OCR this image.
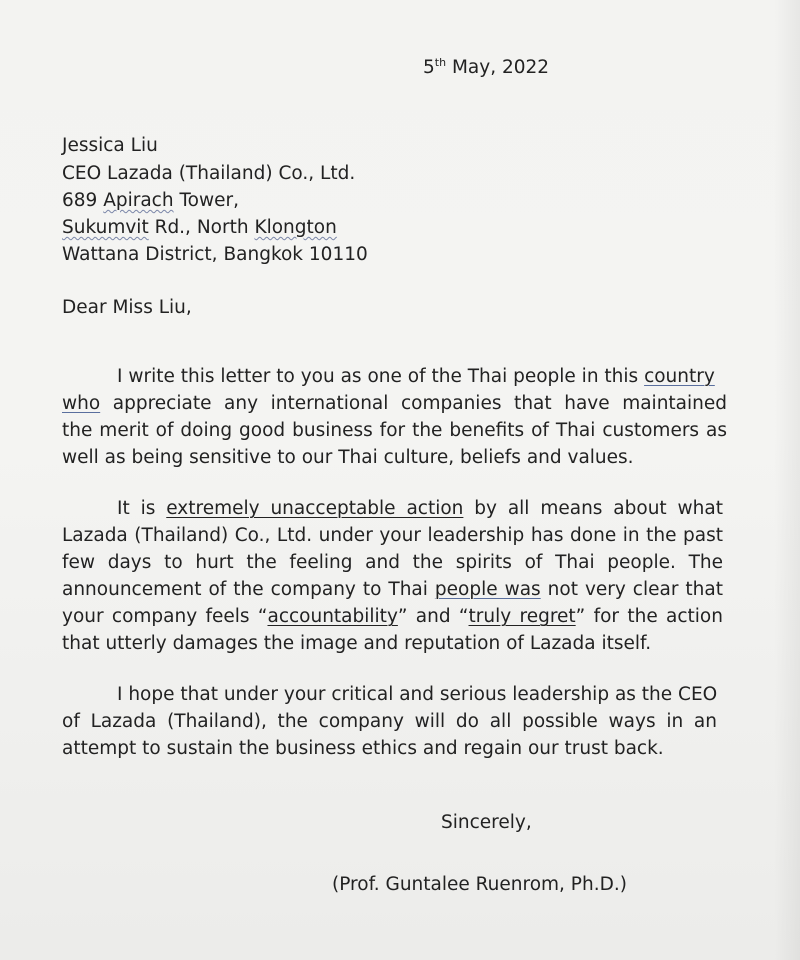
5th May, 2022
Jessica Liu
CEO Lazada (Thailand) Co., Ltd.
689 Apirach Tower,
Sukumvit Rd., North Klongton
Wattana District, Bangkok 10110
Dear Miss Liu,
I write this letter to you as one of the Thai people in this country
who appreciate any international companies that have maintained
the merit of doing good business for the benefits of Thai customers as
well as being sensitive to our Thai culture, beliefs and values.
It is extremely unacceptable action by all means about what
Lazada (Thailand) Co., Ltd. under your leadership has done in the past
few days to hurt the feeling and the spirits of Thai people. The
announcement of the company to Thai people was not very clear that
your company feels “accountability” and “truly regret” for the action
that utterly damages the image and reputation of Lazada itself.
I hope that under your critical and serious leadership as the CEO
of Lazada (Thailand), the company will do all possible ways in an
attempt to sustain the business ethics and regain our trust back.
Sincerely,
(Prof. Guntalee Ruenrom, Ph.D.)
